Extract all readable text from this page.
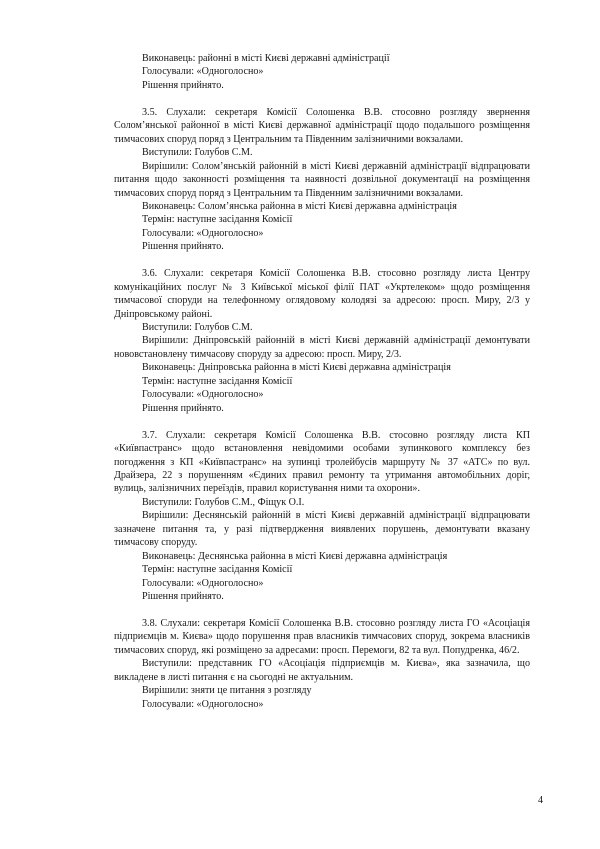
Виконавець: районні в місті Києві державні адміністрації

Голосували: «Одноголосно»

Рішення прийнято.

3.5. Слухали: секретаря Комісії Солошенка В.В. стосовно розгляду звернення Солом’янської районної в місті Києві державної адміністрації щодо подальшого розміщення тимчасових споруд поряд з Центральним та Південним залізничними вокзалами.

Виступили: Голубов С.М.

Вирішили: Солом’янській районній в місті Києві державній адміністрації відпрацювати питання щодо законності розміщення та наявності дозвільної документації на розміщення тимчасових споруд поряд з Центральним та Південним залізничними вокзалами.

Виконавець: Солом’янська районна в місті Києві державна адміністрація

Термін: наступне засідання Комісії

Голосували: «Одноголосно»

Рішення прийнято.

3.6. Слухали: секретаря Комісії Солошенка В.В. стосовно розгляду листа Центру комунікаційних послуг № 3 Київської міської філії ПАТ «Укртелеком» щодо розміщення тимчасової споруди на телефонному оглядовому колодязі за адресою: просп. Миру, 2/3 у Дніпровському районі.

Виступили: Голубов С.М.

Вирішили: Дніпровській районній в місті Києві державній адміністрації демонтувати нововстановлену тимчасову споруду за адресою: просп. Миру, 2/3.

Виконавець: Дніпровська районна в місті Києві державна адміністрація

Термін: наступне засідання Комісії

Голосували: «Одноголосно»

Рішення прийнято.

3.7. Слухали: секретаря Комісії Солошенка В.В. стосовно розгляду листа КП «Київпастранс» щодо встановлення невідомими особами зупинкового комплексу без погодження з КП «Київпастранс» на зупинці тролейбусів маршруту № 37 «АТС» по вул. Драйзера, 22 з порушенням «Єдиних правил ремонту та утримання автомобільних доріг, вулиць, залізничних переїздів, правил користування ними та охорони».

Виступили: Голубов С.М., Фіщук О.І.

Вирішили: Деснянській районній в місті Києві державній адміністрації відпрацювати зазначене питання та, у разі підтвердження виявлених порушень, демонтувати вказану тимчасову споруду.

Виконавець: Деснянська районна в місті Києві державна адміністрація

Термін: наступне засідання Комісії

Голосували: «Одноголосно»

Рішення прийнято.

3.8. Слухали: секретаря Комісії Солошенка В.В. стосовно розгляду листа ГО «Асоціація підприємців м. Києва» щодо порушення прав власників тимчасових споруд, зокрема власників тимчасових споруд, які розміщено за адресами: просп. Перемоги, 82 та вул. Попудренка, 46/2.

Виступили: представник ГО «Асоціація підприємців м. Києва», яка зазначила, що викладене в листі питання є на сьогодні не актуальним.

Вирішили: зняти це питання з розгляду

Голосували: «Одноголосно»

4
